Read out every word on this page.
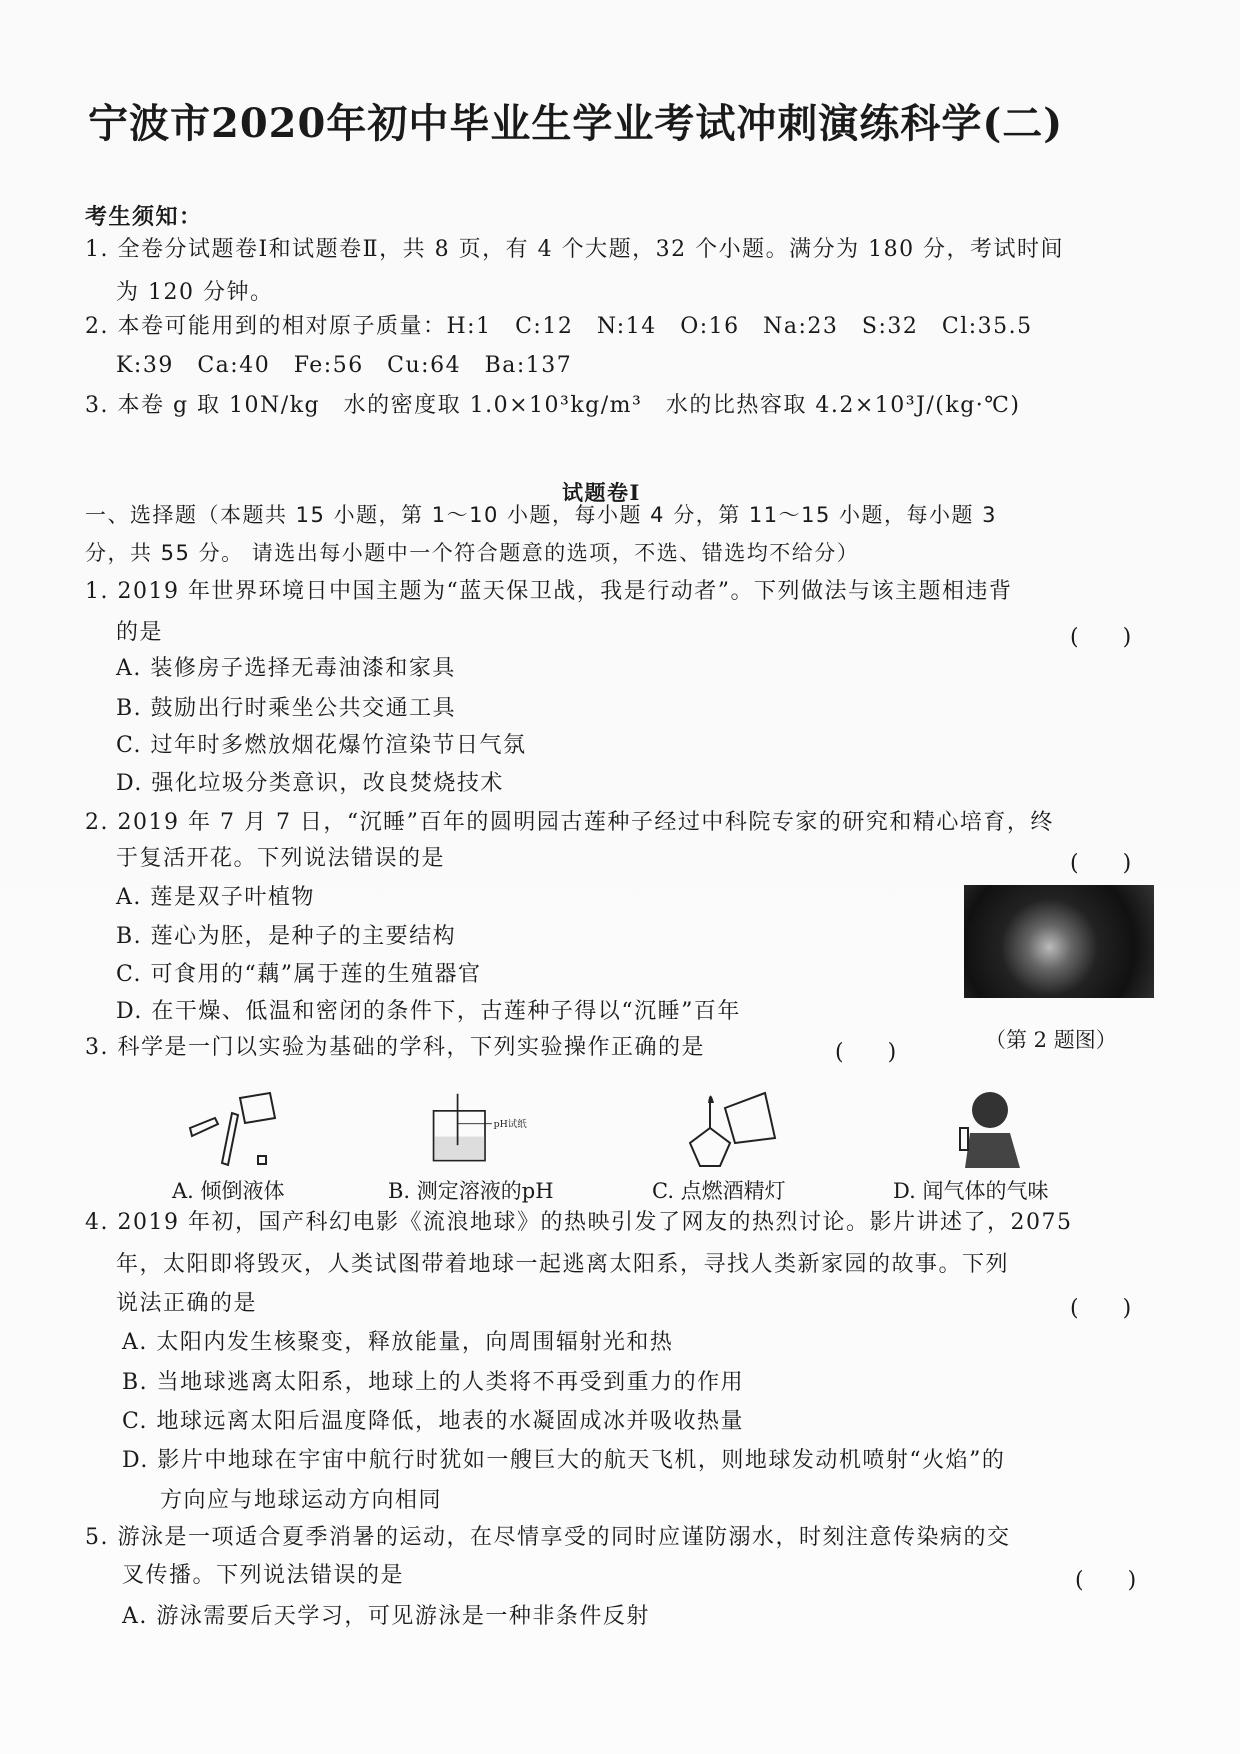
宁波市2020年初中毕业生学业考试冲刺演练科学(二)
考生须知：
1. 全卷分试题卷Ⅰ和试题卷Ⅱ，共 8 页，有 4 个大题，32 个小题。满分为 180 分，考试时间
为 120 分钟。
2. 本卷可能用到的相对原子质量：H:1　C:12　N:14　O:16　Na:23　S:32　Cl:35.5
K:39　Ca:40　Fe:56　Cu:64　Ba:137
3. 本卷 g 取 10N/kg　水的密度取 1.0×10³kg/m³　水的比热容取 4.2×10³J/(kg·℃)
试题卷Ⅰ
一、选择题（本题共 15 小题，第 1～10 小题，每小题 4 分，第 11～15 小题，每小题 3
分，共 55 分。 请选出每小题中一个符合题意的选项，不选、错选均不给分）
1. 2019 年世界环境日中国主题为“蓝天保卫战，我是行动者”。下列做法与该主题相违背
的是	(　　)
A. 装修房子选择无毒油漆和家具
B. 鼓励出行时乘坐公共交通工具
C. 过年时多燃放烟花爆竹渲染节日气氛
D. 强化垃圾分类意识，改良焚烧技术
2. 2019 年 7 月 7 日，“沉睡”百年的圆明园古莲种子经过中科院专家的研究和精心培育，终
于复活开花。下列说法错误的是	(　　)
A. 莲是双子叶植物
B. 莲心为胚，是种子的主要结构
C. 可食用的“藕”属于莲的生殖器官
D. 在干燥、低温和密闭的条件下，古莲种子得以“沉睡”百年
（第 2 题图）
3. 科学是一门以实验为基础的学科，下列实验操作正确的是	(　　)
pH试纸
A. 倾倒液体	B. 测定溶液的pH	C. 点燃酒精灯	D. 闻气体的气味
4. 2019 年初，国产科幻电影《流浪地球》的热映引发了网友的热烈讨论。影片讲述了，2075
年，太阳即将毁灭，人类试图带着地球一起逃离太阳系，寻找人类新家园的故事。下列
说法正确的是	(　　)
A. 太阳内发生核聚变，释放能量，向周围辐射光和热
B. 当地球逃离太阳系，地球上的人类将不再受到重力的作用
C. 地球远离太阳后温度降低，地表的水凝固成冰并吸收热量
D. 影片中地球在宇宙中航行时犹如一艘巨大的航天飞机，则地球发动机喷射“火焰”的
方向应与地球运动方向相同
5. 游泳是一项适合夏季消暑的运动，在尽情享受的同时应谨防溺水，时刻注意传染病的交
叉传播。下列说法错误的是	(　　)
A. 游泳需要后天学习，可见游泳是一种非条件反射
